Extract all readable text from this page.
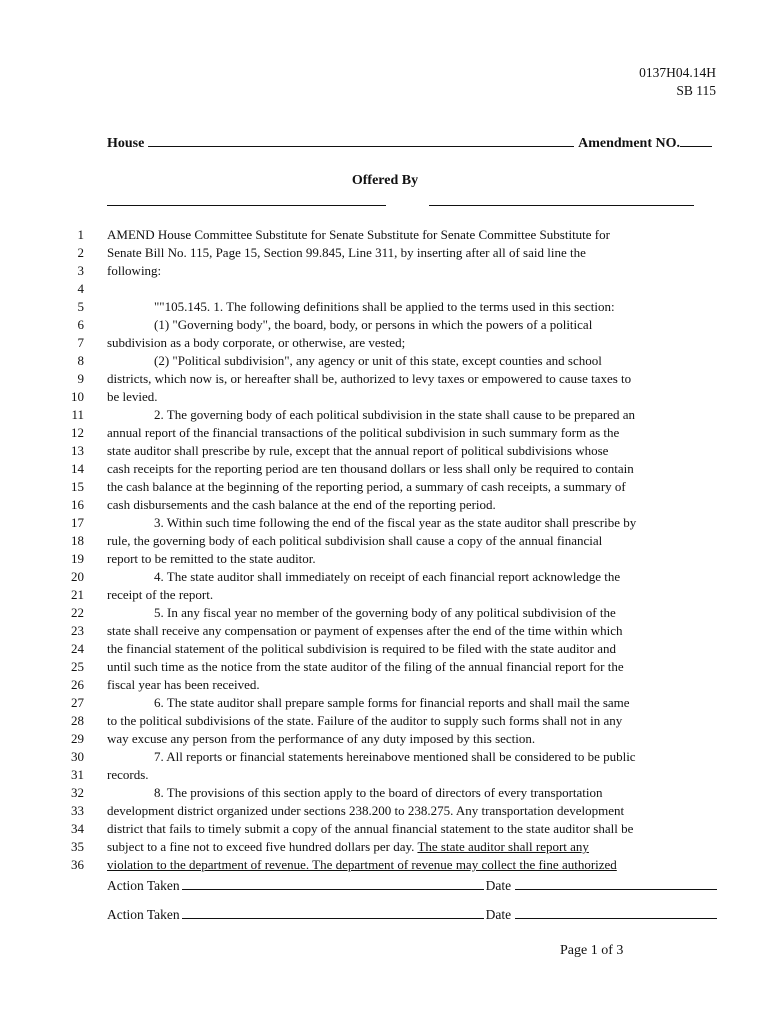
0137H04.14H
SB 115
House	Amendment NO.
Offered By
1
2
3
4
5
6
7
8
9
10
11
12
13
14
15
16
17
18
19
20
21
22
23
24
25
26
27
28
29
30
31
32
33
34
35
36
AMEND House Committee Substitute for Senate Substitute for Senate Committee Substitute for
Senate Bill No. 115, Page 15, Section 99.845, Line 311, by inserting after all of said line the
following:
""105.145. 1. The following definitions shall be applied to the terms used in this section:
(1) "Governing body", the board, body, or persons in which the powers of a political
subdivision as a body corporate, or otherwise, are vested;
(2) "Political subdivision", any agency or unit of this state, except counties and school
districts, which now is, or hereafter shall be, authorized to levy taxes or empowered to cause taxes to
be levied.
2. The governing body of each political subdivision in the state shall cause to be prepared an
annual report of the financial transactions of the political subdivision in such summary form as the
state auditor shall prescribe by rule, except that the annual report of political subdivisions whose
cash receipts for the reporting period are ten thousand dollars or less shall only be required to contain
the cash balance at the beginning of the reporting period, a summary of cash receipts, a summary of
cash disbursements and the cash balance at the end of the reporting period.
3. Within such time following the end of the fiscal year as the state auditor shall prescribe by
rule, the governing body of each political subdivision shall cause a copy of the annual financial
report to be remitted to the state auditor.
4. The state auditor shall immediately on receipt of each financial report acknowledge the
receipt of the report.
5. In any fiscal year no member of the governing body of any political subdivision of the
state shall receive any compensation or payment of expenses after the end of the time within which
the financial statement of the political subdivision is required to be filed with the state auditor and
until such time as the notice from the state auditor of the filing of the annual financial report for the
fiscal year has been received.
6. The state auditor shall prepare sample forms for financial reports and shall mail the same
to the political subdivisions of the state. Failure of the auditor to supply such forms shall not in any
way excuse any person from the performance of any duty imposed by this section.
7. All reports or financial statements hereinabove mentioned shall be considered to be public
records.
8. The provisions of this section apply to the board of directors of every transportation
development district organized under sections 238.200 to 238.275. Any transportation development
district that fails to timely submit a copy of the annual financial statement to the state auditor shall be
subject to a fine not to exceed five hundred dollars per day. The state auditor shall report any
violation to the department of revenue. The department of revenue may collect the fine authorized
Action Taken	Date
Action Taken	Date
Page 1 of 3
